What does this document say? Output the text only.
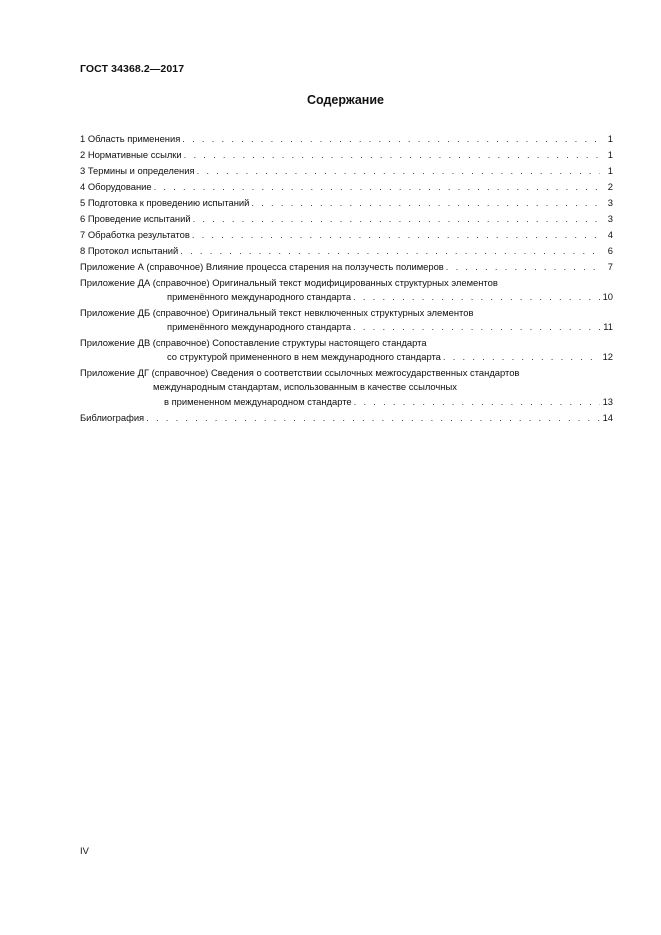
ГОСТ 34368.2—2017
Содержание
1 Область применения . . .	1
2 Нормативные ссылки . . .	1
3 Термины и определения . . .	1
4 Оборудование . . .	2
5 Подготовка к проведению испытаний . . .	3
6 Проведение испытаний . . .	3
7 Обработка результатов . . .	4
8 Протокол испытаний . . .	6
Приложение А (справочное) Влияние процесса старения на ползучесть полимеров . . .	7
Приложение ДА (справочное) Оригинальный текст модифицированных структурных элементов
применённого международного стандарта . . .	10
Приложение ДБ (справочное) Оригинальный текст невключенных структурных элементов
применённого международного стандарта . . .	11
Приложение ДВ (справочное) Сопоставление структуры настоящего стандарта
со структурой примененного в нем международного стандарта . . .	12
Приложение ДГ (справочное) Сведения о соответствии ссылочных межгосударственных стандартов
международным стандартам, использованным в качестве ссылочных
в примененном международном стандарте . . .	13
Библиография . . .	14
IV
